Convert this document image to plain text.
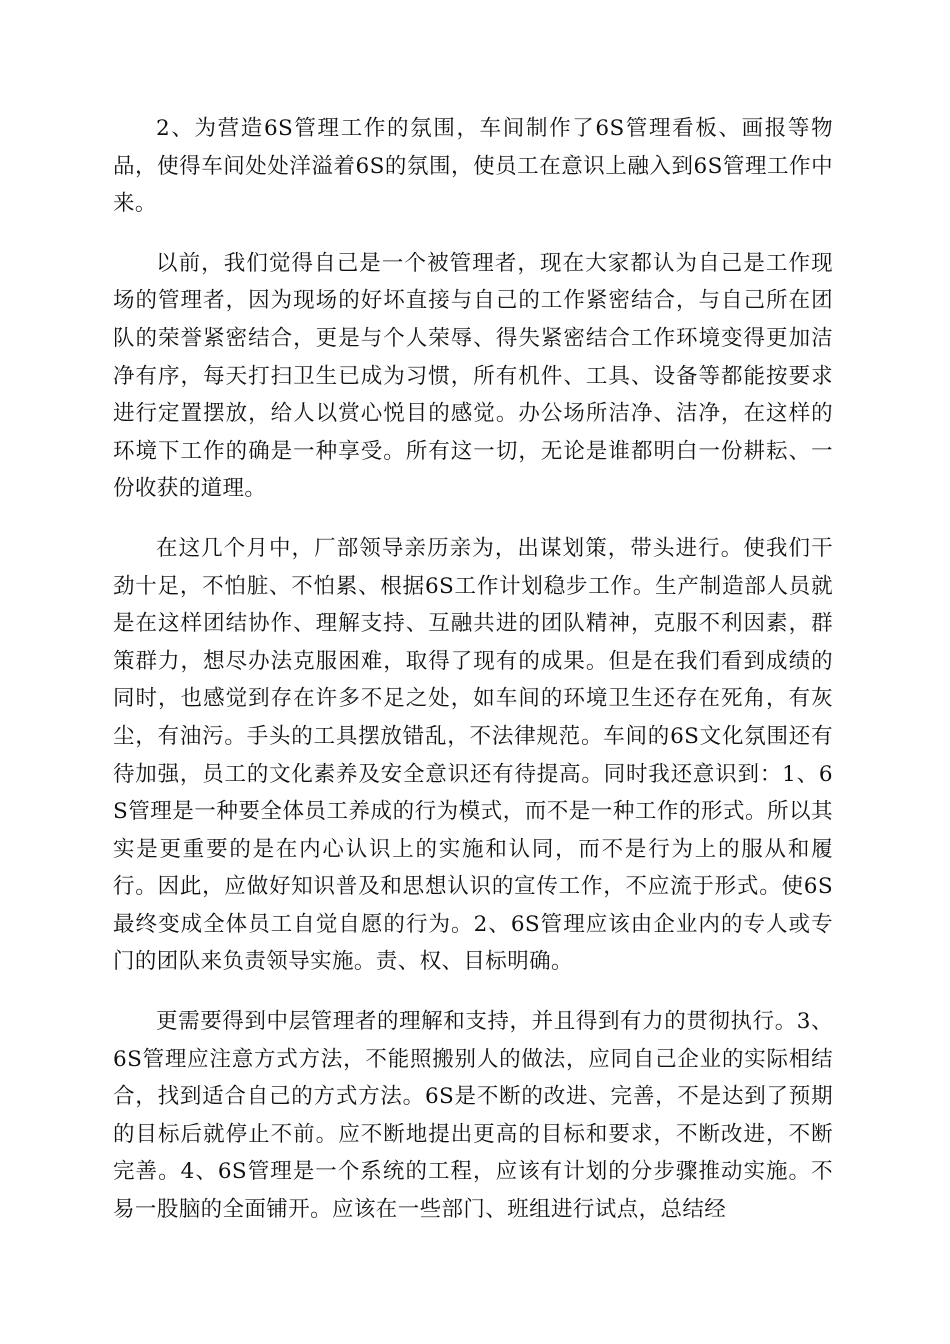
2、为营造6S管理工作的氛围，车间制作了6S管理看板、画报等物品，使得车间处处洋溢着6S的氛围，使员工在意识上融入到6S管理工作中来。

以前，我们觉得自己是一个被管理者，现在大家都认为自己是工作现场的管理者，因为现场的好坏直接与自己的工作紧密结合，与自己所在团队的荣誉紧密结合，更是与个人荣辱、得失紧密结合工作环境变得更加洁净有序，每天打扫卫生已成为习惯，所有机件、工具、设备等都能按要求进行定置摆放，给人以赏心悦目的感觉。办公场所洁净、洁净，在这样的环境下工作的确是一种享受。所有这一切，无论是谁都明白一份耕耘、一份收获的道理。

在这几个月中，厂部领导亲历亲为，出谋划策，带头进行。使我们干劲十足，不怕脏、不怕累、根据6S工作计划稳步工作。生产制造部人员就是在这样团结协作、理解支持、互融共进的团队精神，克服不利因素，群策群力，想尽办法克服困难，取得了现有的成果。但是在我们看到成绩的同时，也感觉到存在许多不足之处，如车间的环境卫生还存在死角，有灰尘，有油污。手头的工具摆放错乱，不法律规范。车间的6S文化氛围还有待加强，员工的文化素养及安全意识还有待提高。同时我还意识到：1、6S管理是一种要全体员工养成的行为模式，而不是一种工作的形式。所以其实是更重要的是在内心认识上的实施和认同，而不是行为上的服从和履行。因此，应做好知识普及和思想认识的宣传工作，不应流于形式。使6S最终变成全体员工自觉自愿的行为。2、6S管理应该由企业内的专人或专门的团队来负责领导实施。责、权、目标明确。

更需要得到中层管理者的理解和支持，并且得到有力的贯彻执行。3、6S管理应注意方式方法，不能照搬别人的做法，应同自己企业的实际相结合，找到适合自己的方式方法。6S是不断的改进、完善，不是达到了预期的目标后就停止不前。应不断地提出更高的目标和要求，不断改进，不断完善。4、6S管理是一个系统的工程，应该有计划的分步骤推动实施。不易一股脑的全面铺开。应该在一些部门、班组进行试点，总结经
